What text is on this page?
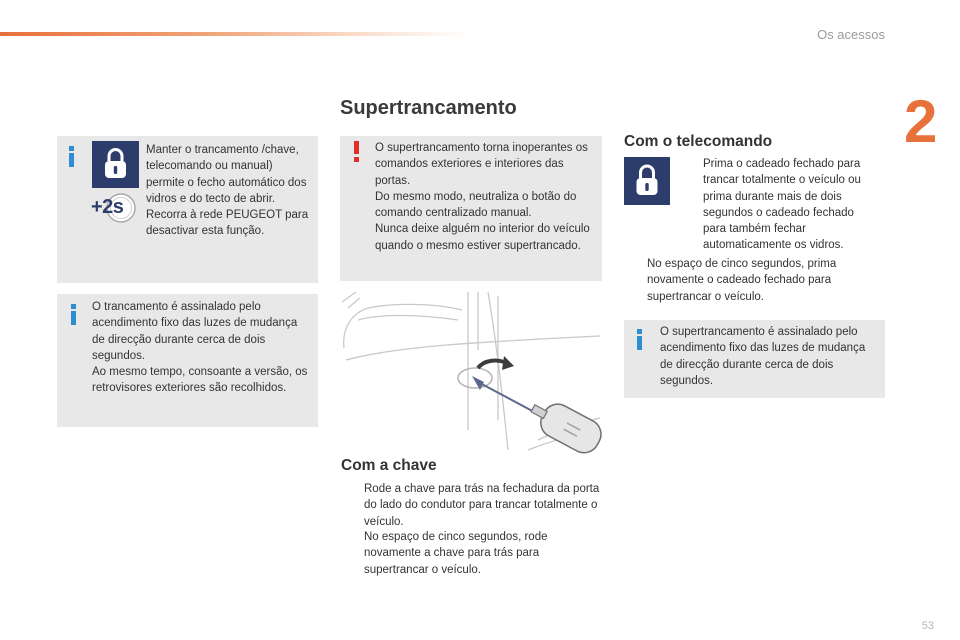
Os acessos
2
53
Supertrancamento
+2s

Manter o trancamento /chave, telecomando ou manual) permite o fecho automático dos vidros e do tecto de abrir. Recorra à rede PEUGEOT para desactivar esta função.

O trancamento é assinalado pelo acendimento fixo das luzes de mudança de direcção durante cerca de dois segundos.
Ao mesmo tempo, consoante a versão, os retrovisores exteriores são recolhidos.

O supertrancamento torna inoperantes os comandos exteriores e interiores das portas.
Do mesmo modo, neutraliza o botão do comando centralizado manual.
Nunca deixe alguém no interior do veículo quando o mesmo estiver supertrancado.

Com a chave
Rode a chave para trás na fechadura da porta do lado do condutor para trancar totalmente o veículo.
No espaço de cinco segundos, rode novamente a chave para trás para supertrancar o veículo.
Com o telecomando
Prima o cadeado fechado para trancar totalmente o veículo ou prima durante mais de dois segundos o cadeado fechado para também fechar automaticamente os vidros.
No espaço de cinco segundos, prima novamente o cadeado fechado para supertrancar o veículo.

O supertrancamento é assinalado pelo acendimento fixo das luzes de mudança de direcção durante cerca de dois segundos.
